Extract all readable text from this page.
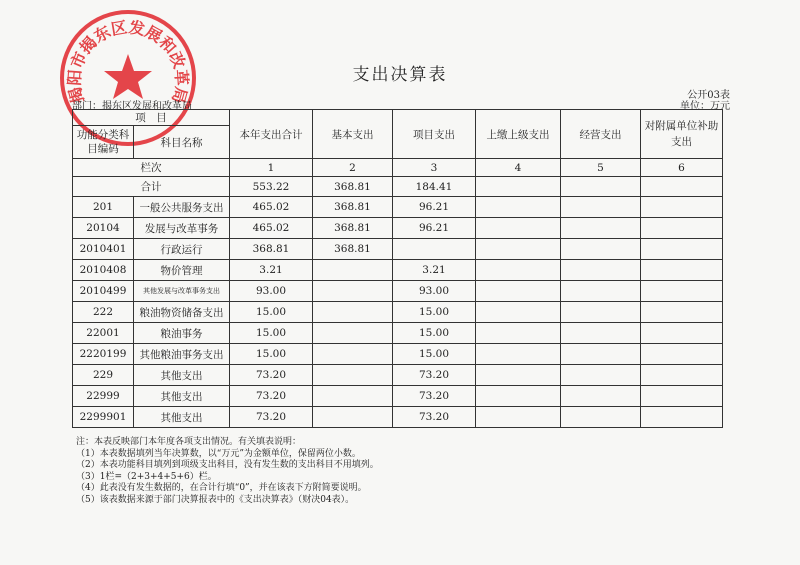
揭阳市揭东区发展和改革局
支出决算表
公开03表
部门：揭东区发展和改革局	单位：万元
项　目		本年支出合计	基本支出	项目支出	上缴上级支出	经营支出	对附属单位补助支出
功能分类科目编码	科目名称						
栏次		1	2	3	4	5	6
合计		553.22	368.81	184.41			
201	一般公共服务支出	465.02	368.81	96.21			
20104	发展与改革事务	465.02	368.81	96.21			
2010401	行政运行	368.81	368.81				
2010408	物价管理	3.21		3.21			
2010499	其他发展与改革事务支出	93.00		93.00			
222	粮油物资储备支出	15.00		15.00			
22001	粮油事务	15.00		15.00			
2220199	其他粮油事务支出	15.00		15.00			
229	其他支出	73.20		73.20			
22999	其他支出	73.20		73.20			
2299901	其他支出	73.20		73.20			
注：本表反映部门本年度各项支出情况。有关填表说明：
（1）本表数据填列当年决算数，以“万元”为金额单位，保留两位小数。
（2）本表功能科目填列到项级支出科目，没有发生数的支出科目不用填列。
（3）1栏=（2+3+4+5+6）栏。
（4）此表没有发生数据的，在合计行填“0”，并在该表下方附简要说明。
（5）该表数据来源于部门决算报表中的《支出决算表》（财决04表）。
